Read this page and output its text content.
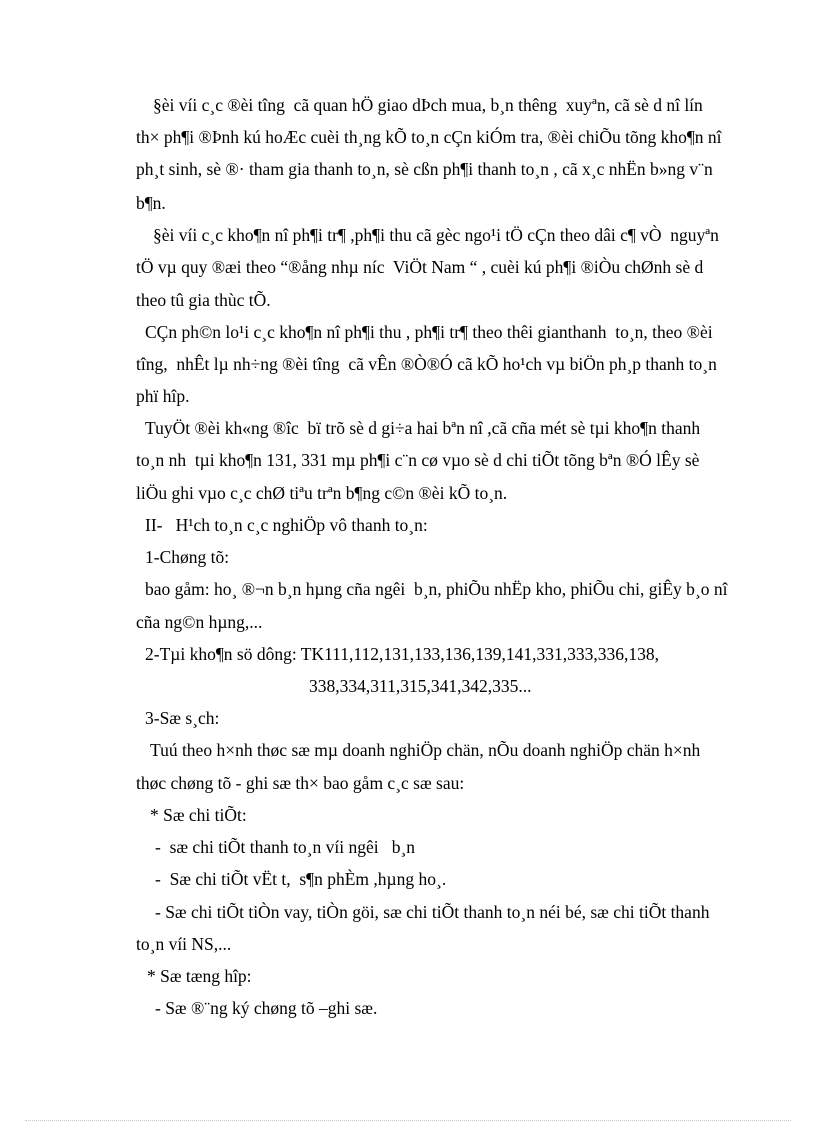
§èi víi c¸c ®èi tîng  cã quan hÖ giao dÞch mua, b¸n thêng  xuyªn, cã sè d nî lín
th× ph¶i ®Þnh kú hoÆc cuèi th¸ng kÕ to¸n cÇn kiÓm tra, ®èi chiÕu tõng kho¶n nî
ph¸t sinh, sè ®· tham gia thanh to¸n, sè cßn ph¶i thanh to¸n , cã x¸c nhËn b»ng v¨n
b¶n.
§èi víi c¸c kho¶n nî ph¶i tr¶ ,ph¶i thu cã gèc ngo¹i tÖ cÇn theo dâi c¶ vÒ  nguyªn
tÖ vµ quy ®æi theo “®ång nhµ níc  ViÖt Nam “ , cuèi kú ph¶i ®iÒu chØnh sè d
theo tû gia thùc tÕ.
CÇn ph©n lo¹i c¸c kho¶n nî ph¶i thu , ph¶i tr¶ theo thêi gianthanh  to¸n, theo ®èi
tîng,  nhÊt lµ nh÷ng ®èi tîng  cã vÊn ®Ò®Ó cã kÕ ho¹ch vµ biÖn ph¸p thanh to¸n
phï hîp.
TuyÖt ®èi kh«ng ®îc  bï trõ sè d gi÷a hai bªn nî ,cã cña mét sè tµi kho¶n thanh
to¸n nh  tµi kho¶n 131, 331 mµ ph¶i c¨n cø vµo sè d chi tiÕt tõng bªn ®Ó lÊy sè
liÖu ghi vµo c¸c chØ tiªu trªn b¶ng c©n ®èi kÕ to¸n.
II-   H¹ch to¸n c¸c nghiÖp vô thanh to¸n:
1-Chøng tõ:
bao gåm: ho¸ ®¬n b¸n hµng cña ngêi  b¸n, phiÕu nhËp kho, phiÕu chi, giÊy b¸o nî
cña ng©n hµng,...
2-Tµi kho¶n sö dông: TK111,112,131,133,136,139,141,331,333,336,138,
338,334,311,315,341,342,335...
3-Sæ s¸ch:
Tuú theo h×nh thøc sæ mµ doanh nghiÖp chän, nÕu doanh nghiÖp chän h×nh
thøc chøng tõ - ghi sæ th× bao gåm c¸c sæ sau:
* Sæ chi tiÕt:
-  sæ chi tiÕt thanh to¸n víi ngêi   b¸n
-  Sæ chi tiÕt vËt t,  s¶n phÈm ,hµng ho¸.
- Sæ chi tiÕt tiÒn vay, tiÒn göi, sæ chi tiÕt thanh to¸n néi bé, sæ chi tiÕt thanh
to¸n víi NS,...
* Sæ tæng hîp:
- Sæ ®¨ng ký chøng tõ –ghi sæ.
